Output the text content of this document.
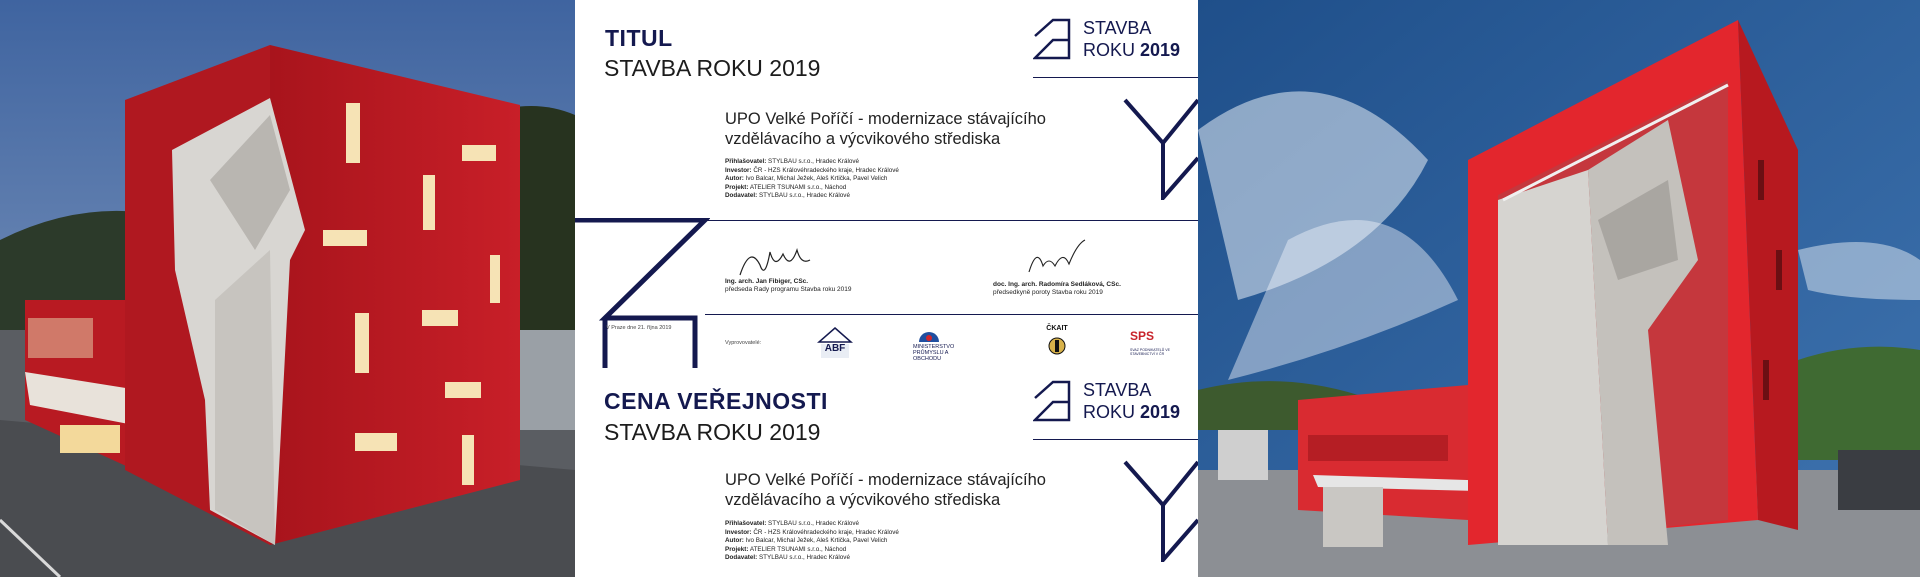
TITUL
STAVBA ROKU 2019
STAVBA
ROKU 2019
UPO Velké Poříčí - modernizace stávajícího
vzdělávacího a výcvikového střediska
Přihlašovatel: STYLBAU s.r.o., Hradec Králové
Investor: ČR - HZS Královéhradeckého kraje, Hradec Králové
Autor: Ivo Balcar, Michal Ježek, Aleš Krtička, Pavel Velich
Projekt: ATELIER TSUNAMI s.r.o., Náchod
Dodavatel: STYLBAU s.r.o., Hradec Králové
Ing. arch. Jan Fibiger, CSc.
předseda Rady programu Stavba roku 2019
doc. Ing. arch. Radomíra Sedláková, CSc.
předsedkyně poroty Stavba roku 2019
V Praze dne 21. října 2019
Vyprovovatelé:	ABF	MINISTERSTVO
PRŮMYSLU A OBCHODU
ČKAIT
SPS
SVAZ PODNIKATELŮ VE STAVEBNICTVÍ V ČR
CENA VEŘEJNOSTI
STAVBA ROKU 2019
STAVBA
ROKU 2019
UPO Velké Poříčí - modernizace stávajícího
vzdělávacího a výcvikového střediska
Přihlašovatel: STYLBAU s.r.o., Hradec Králové
Investor: ČR - HZS Královéhradeckého kraje, Hradec Králové
Autor: Ivo Balcar, Michal Ježek, Aleš Krtička, Pavel Velich
Projekt: ATELIER TSUNAMI s.r.o., Náchod
Dodavatel: STYLBAU s.r.o., Hradec Králové
